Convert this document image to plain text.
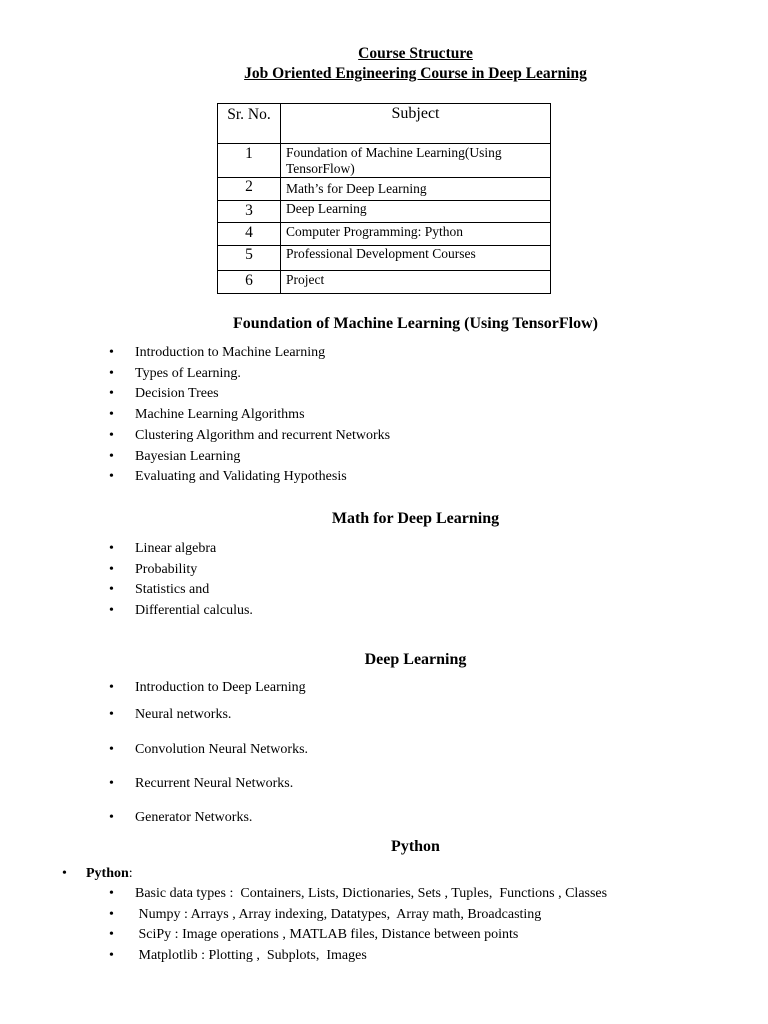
Course Structure
Job Oriented Engineering Course in Deep Learning
Sr. No.	Subject
1	Foundation of Machine Learning(Using TensorFlow)
2	Math’s for Deep Learning
3	Deep Learning
4	Computer Programming: Python
5	Professional Development Courses
6	Project
Foundation of Machine Learning (Using TensorFlow)
• Introduction to Machine Learning
• Types of Learning.
• Decision Trees
• Machine Learning Algorithms
• Clustering Algorithm and recurrent Networks
• Bayesian Learning
• Evaluating and Validating Hypothesis
Math for Deep Learning
• Linear algebra
• Probability
• Statistics and
• Differential calculus.
Deep Learning
• Introduction to Deep Learning
• Neural networks.
• Convolution Neural Networks.
• Recurrent Neural Networks.
• Generator Networks.
Python
• Python:
• Basic data types :  Containers, Lists, Dictionaries, Sets , Tuples,  Functions , Classes
•  Numpy : Arrays , Array indexing, Datatypes,  Array math, Broadcasting
•  SciPy : Image operations , MATLAB files, Distance between points
•  Matplotlib : Plotting ,  Subplots,  Images
